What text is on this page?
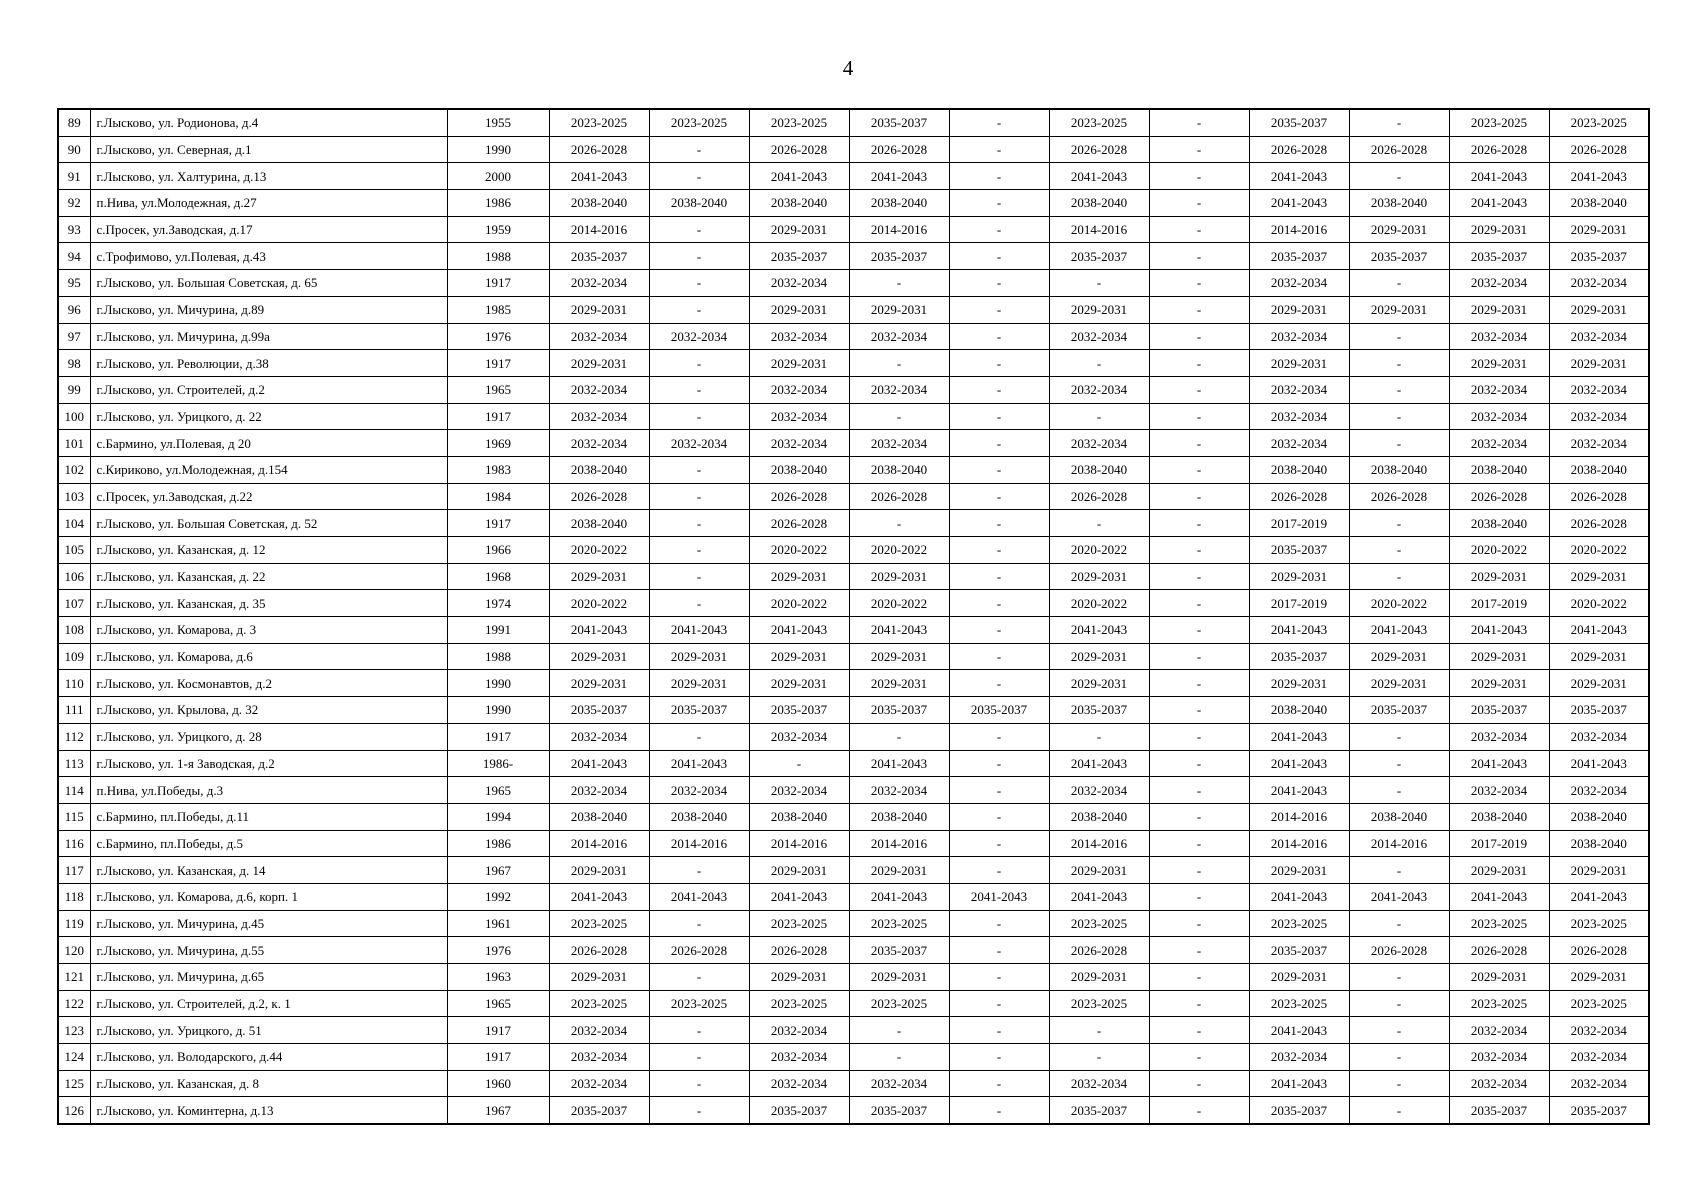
4
89	г.Лысково, ул. Родионова, д.4	1955	2023-2025	2023-2025	2023-2025	2035-2037	-	2023-2025	-	2035-2037	-	2023-2025	2023-2025
90	г.Лысково, ул. Северная, д.1	1990	2026-2028	-	2026-2028	2026-2028	-	2026-2028	-	2026-2028	2026-2028	2026-2028	2026-2028
91	г.Лысково, ул. Халтурина, д.13	2000	2041-2043	-	2041-2043	2041-2043	-	2041-2043	-	2041-2043	-	2041-2043	2041-2043
92	п.Нива, ул.Молодежная, д.27	1986	2038-2040	2038-2040	2038-2040	2038-2040	-	2038-2040	-	2041-2043	2038-2040	2041-2043	2038-2040
93	с.Просек, ул.Заводская, д.17	1959	2014-2016	-	2029-2031	2014-2016	-	2014-2016	-	2014-2016	2029-2031	2029-2031	2029-2031
94	с.Трофимово, ул.Полевая, д.43	1988	2035-2037	-	2035-2037	2035-2037	-	2035-2037	-	2035-2037	2035-2037	2035-2037	2035-2037
95	г.Лысково, ул. Большая Советская, д. 65	1917	2032-2034	-	2032-2034	-	-	-	-	2032-2034	-	2032-2034	2032-2034
96	г.Лысково, ул. Мичурина, д.89	1985	2029-2031	-	2029-2031	2029-2031	-	2029-2031	-	2029-2031	2029-2031	2029-2031	2029-2031
97	г.Лысково, ул. Мичурина, д.99а	1976	2032-2034	2032-2034	2032-2034	2032-2034	-	2032-2034	-	2032-2034	-	2032-2034	2032-2034
98	г.Лысково, ул. Революции, д.38	1917	2029-2031	-	2029-2031	-	-	-	-	2029-2031	-	2029-2031	2029-2031
99	г.Лысково, ул. Строителей, д.2	1965	2032-2034	-	2032-2034	2032-2034	-	2032-2034	-	2032-2034	-	2032-2034	2032-2034
100	г.Лысково, ул. Урицкого, д. 22	1917	2032-2034	-	2032-2034	-	-	-	-	2032-2034	-	2032-2034	2032-2034
101	с.Бармино, ул.Полевая, д 20	1969	2032-2034	2032-2034	2032-2034	2032-2034	-	2032-2034	-	2032-2034	-	2032-2034	2032-2034
102	с.Кириково, ул.Молодежная, д.154	1983	2038-2040	-	2038-2040	2038-2040	-	2038-2040	-	2038-2040	2038-2040	2038-2040	2038-2040
103	с.Просек, ул.Заводская, д.22	1984	2026-2028	-	2026-2028	2026-2028	-	2026-2028	-	2026-2028	2026-2028	2026-2028	2026-2028
104	г.Лысково, ул. Большая Советская, д. 52	1917	2038-2040	-	2026-2028	-	-	-	-	2017-2019	-	2038-2040	2026-2028
105	г.Лысково, ул. Казанская, д. 12	1966	2020-2022	-	2020-2022	2020-2022	-	2020-2022	-	2035-2037	-	2020-2022	2020-2022
106	г.Лысково, ул. Казанская, д. 22	1968	2029-2031	-	2029-2031	2029-2031	-	2029-2031	-	2029-2031	-	2029-2031	2029-2031
107	г.Лысково, ул. Казанская, д. 35	1974	2020-2022	-	2020-2022	2020-2022	-	2020-2022	-	2017-2019	2020-2022	2017-2019	2020-2022
108	г.Лысково, ул. Комарова, д. 3	1991	2041-2043	2041-2043	2041-2043	2041-2043	-	2041-2043	-	2041-2043	2041-2043	2041-2043	2041-2043
109	г.Лысково, ул. Комарова, д.6	1988	2029-2031	2029-2031	2029-2031	2029-2031	-	2029-2031	-	2035-2037	2029-2031	2029-2031	2029-2031
110	г.Лысково, ул. Космонавтов, д.2	1990	2029-2031	2029-2031	2029-2031	2029-2031	-	2029-2031	-	2029-2031	2029-2031	2029-2031	2029-2031
111	г.Лысково, ул. Крылова, д. 32	1990	2035-2037	2035-2037	2035-2037	2035-2037	2035-2037	2035-2037	-	2038-2040	2035-2037	2035-2037	2035-2037
112	г.Лысково, ул. Урицкого, д. 28	1917	2032-2034	-	2032-2034	-	-	-	-	2041-2043	-	2032-2034	2032-2034
113	г.Лысково, ул. 1-я Заводская, д.2	1986-	2041-2043	2041-2043	-	2041-2043	-	2041-2043	-	2041-2043	-	2041-2043	2041-2043
114	п.Нива, ул.Победы, д.3	1965	2032-2034	2032-2034	2032-2034	2032-2034	-	2032-2034	-	2041-2043	-	2032-2034	2032-2034
115	с.Бармино, пл.Победы, д.11	1994	2038-2040	2038-2040	2038-2040	2038-2040	-	2038-2040	-	2014-2016	2038-2040	2038-2040	2038-2040
116	с.Бармино, пл.Победы, д.5	1986	2014-2016	2014-2016	2014-2016	2014-2016	-	2014-2016	-	2014-2016	2014-2016	2017-2019	2038-2040
117	г.Лысково, ул. Казанская, д. 14	1967	2029-2031	-	2029-2031	2029-2031	-	2029-2031	-	2029-2031	-	2029-2031	2029-2031
118	г.Лысково, ул. Комарова, д.6, корп. 1	1992	2041-2043	2041-2043	2041-2043	2041-2043	2041-2043	2041-2043	-	2041-2043	2041-2043	2041-2043	2041-2043
119	г.Лысково, ул. Мичурина, д.45	1961	2023-2025	-	2023-2025	2023-2025	-	2023-2025	-	2023-2025	-	2023-2025	2023-2025
120	г.Лысково, ул. Мичурина, д.55	1976	2026-2028	2026-2028	2026-2028	2035-2037	-	2026-2028	-	2035-2037	2026-2028	2026-2028	2026-2028
121	г.Лысково, ул. Мичурина, д.65	1963	2029-2031	-	2029-2031	2029-2031	-	2029-2031	-	2029-2031	-	2029-2031	2029-2031
122	г.Лысково, ул. Строителей, д.2, к. 1	1965	2023-2025	2023-2025	2023-2025	2023-2025	-	2023-2025	-	2023-2025	-	2023-2025	2023-2025
123	г.Лысково, ул. Урицкого, д. 51	1917	2032-2034	-	2032-2034	-	-	-	-	2041-2043	-	2032-2034	2032-2034
124	г.Лысково, ул. Володарского, д.44	1917	2032-2034	-	2032-2034	-	-	-	-	2032-2034	-	2032-2034	2032-2034
125	г.Лысково, ул. Казанская, д. 8	1960	2032-2034	-	2032-2034	2032-2034	-	2032-2034	-	2041-2043	-	2032-2034	2032-2034
126	г.Лысково, ул. Коминтерна, д.13	1967	2035-2037	-	2035-2037	2035-2037	-	2035-2037	-	2035-2037	-	2035-2037	2035-2037
